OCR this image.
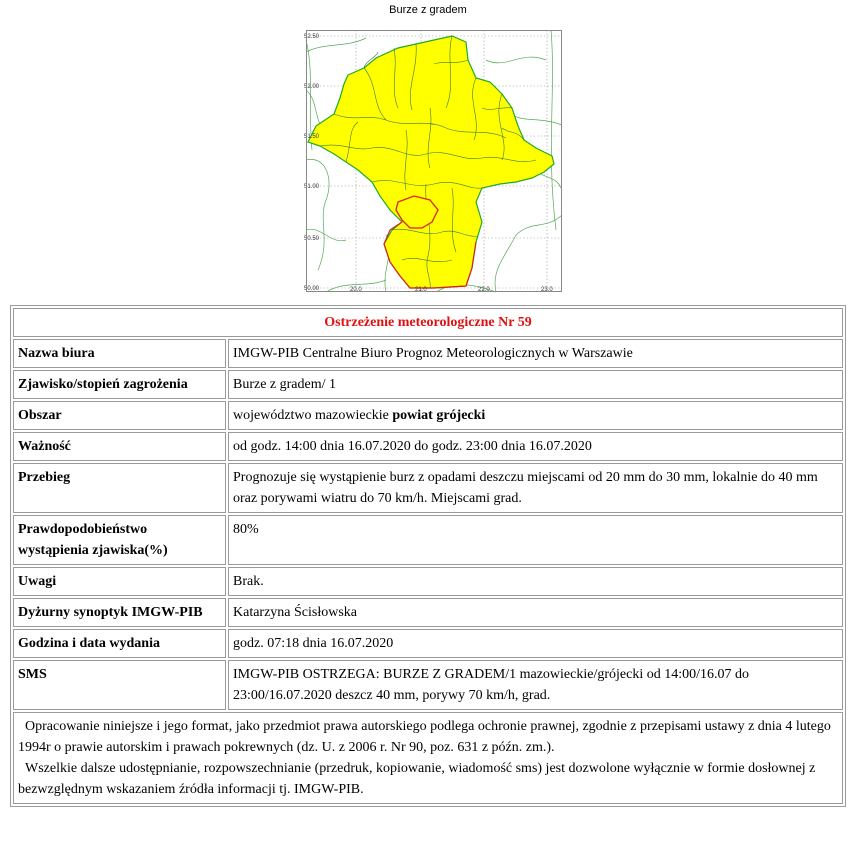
Burze z gradem
52.50
52.00
51.50
51.00
50.50
50.00	20.0	21.0	22.0	23.0
Ostrzeżenie meteorologiczne Nr 59	
Nazwa biura	IMGW-PIB Centralne Biuro Prognoz Meteorologicznych w Warszawie
Zjawisko/stopień zagrożenia	Burze z gradem/ 1
Obszar	województwo mazowieckie powiat grójecki
Ważność	od godz. 14:00 dnia 16.07.2020 do godz. 23:00 dnia 16.07.2020
Przebieg	Prognozuje się wystąpienie burz z opadami deszczu miejscami od 20 mm do 30 mm, lokalnie do 40 mm oraz porywami wiatru do 70 km/h. Miejscami grad.
Prawdopodobieństwo wystąpienia zjawiska(%)	80%
Uwagi	Brak.
Dyżurny synoptyk IMGW-PIB	Katarzyna Ścisłowska
Godzina i data wydania	godz. 07:18 dnia 16.07.2020
SMS	IMGW-PIB OSTRZEGA: BURZE Z GRADEM/1 mazowieckie/grójecki od 14:00/16.07 do 23:00/16.07.2020 deszcz 40 mm, porywy 70 km/h, grad.

Opracowanie niniejsze i jego format, jako przedmiot prawa autorskiego podlega ochronie prawnej, zgodnie z przepisami ustawy z dnia 4 lutego 1994r o prawie autorskim i prawach pokrewnych (dz. U. z 2006 r. Nr 90, poz. 631 z późn. zm.).

Wszelkie dalsze udostępnianie, rozpowszechnianie (przedruk, kopiowanie, wiadomość sms) jest dozwolone wyłącznie w formie dosłownej z bezwzględnym wskazaniem źródła informacji tj. IMGW-PIB.	
